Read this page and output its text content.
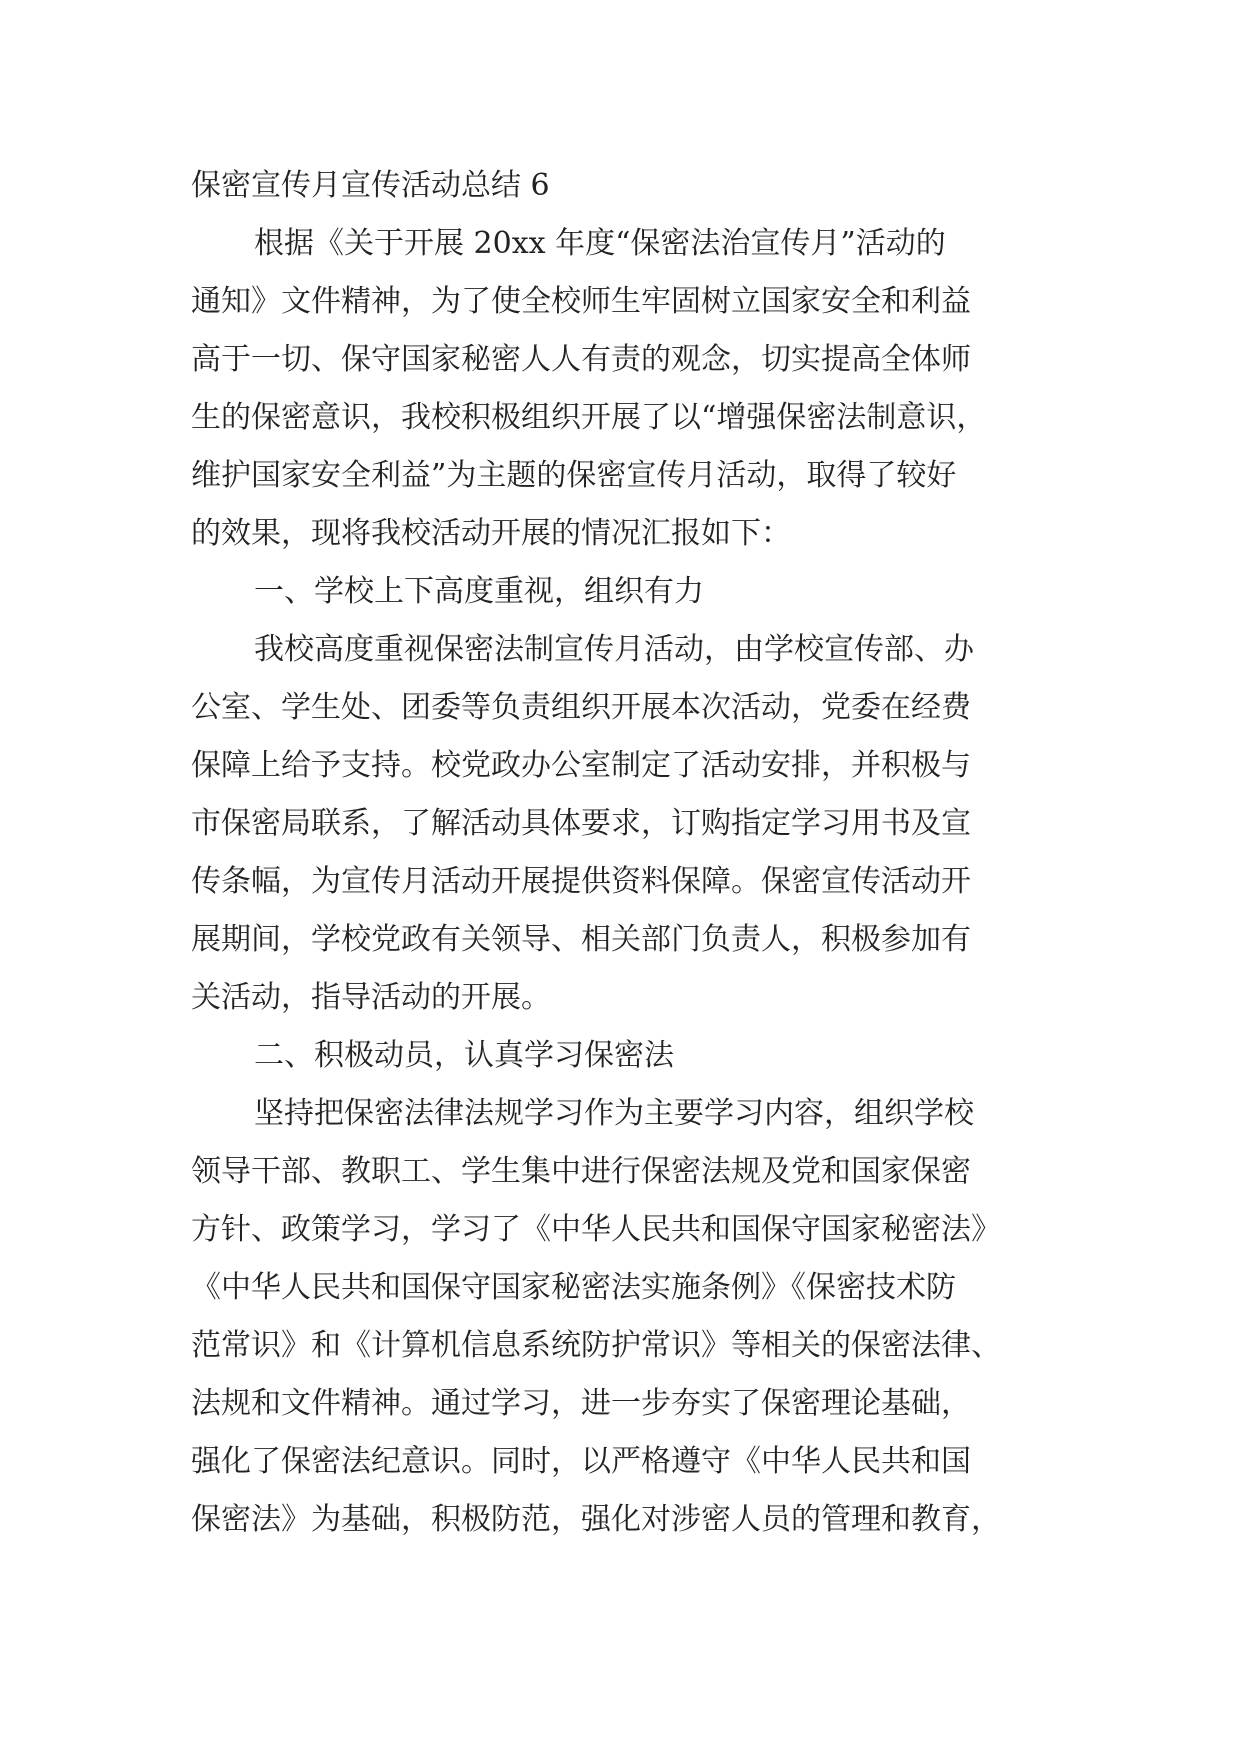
保密宣传月宣传活动总结 6

根据《关于开展 20xx 年度“保密法治宣传月”活动的

通知》文件精神，为了使全校师生牢固树立国家安全和利益

高于一切、保守国家秘密人人有责的观念，切实提高全体师

生的保密意识，我校积极组织开展了以“增强保密法制意识，

维护国家安全利益”为主题的保密宣传月活动，取得了较好

的效果，现将我校活动开展的情况汇报如下：

一、学校上下高度重视，组织有力

我校高度重视保密法制宣传月活动，由学校宣传部、办

公室、学生处、团委等负责组织开展本次活动，党委在经费

保障上给予支持。校党政办公室制定了活动安排，并积极与

市保密局联系，了解活动具体要求，订购指定学习用书及宣

传条幅，为宣传月活动开展提供资料保障。保密宣传活动开

展期间，学校党政有关领导、相关部门负责人，积极参加有

关活动，指导活动的开展。

二、积极动员，认真学习保密法

坚持把保密法律法规学习作为主要学习内容，组织学校

领导干部、教职工、学生集中进行保密法规及党和国家保密

方针、政策学习，学习了《中华人民共和国保守国家秘密法》

《中华人民共和国保守国家秘密法实施条例》《保密技术防

范常识》和《计算机信息系统防护常识》等相关的保密法律、

法规和文件精神。通过学习，进一步夯实了保密理论基础，

强化了保密法纪意识。同时，以严格遵守《中华人民共和国

保密法》为基础，积极防范，强化对涉密人员的管理和教育，
